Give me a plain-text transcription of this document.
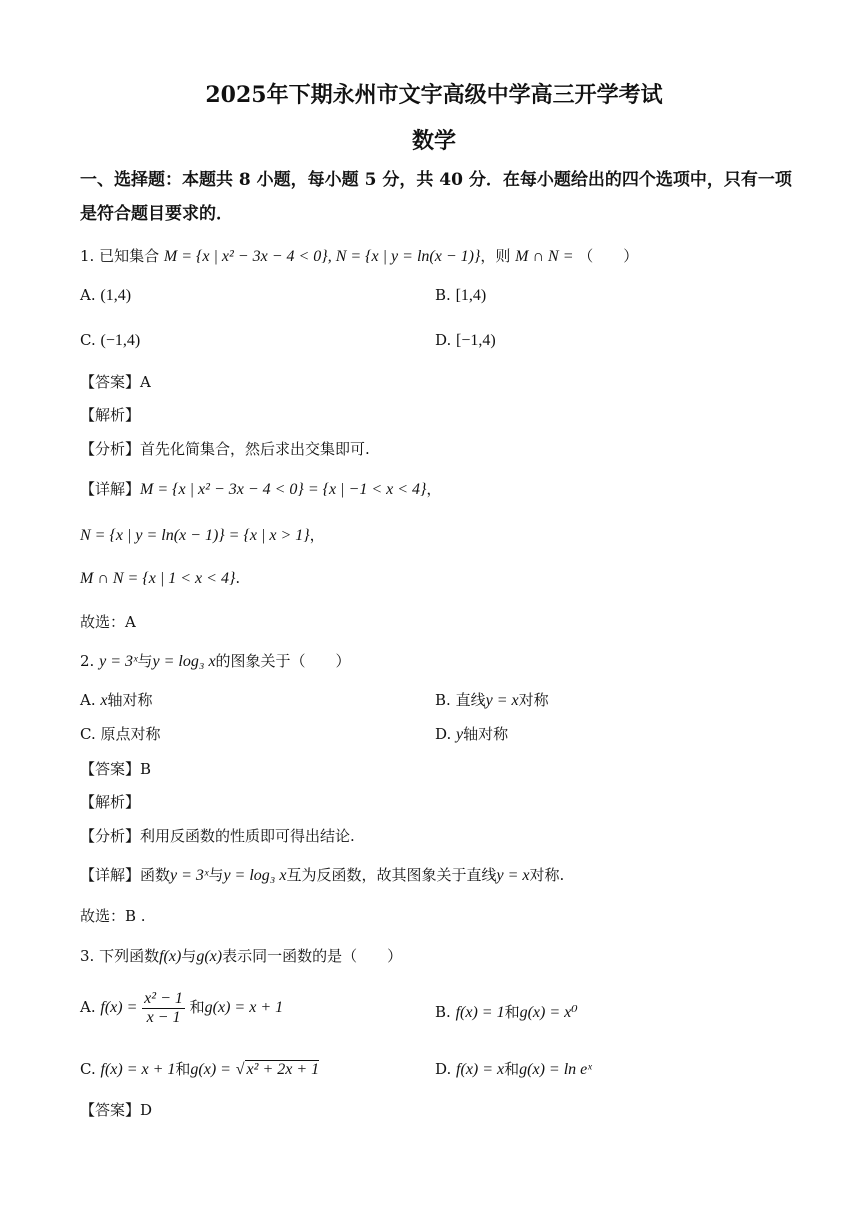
2025年下期永州市文宇高级中学高三开学考试
数学
一、选择题：本题共 8 小题，每小题 5 分，共 40 分．在每小题给出的四个选项中，只有一项
是符合题目要求的．
1. 已知集合 M = {x | x² − 3x − 4 < 0}, N = {x | y = ln(x − 1)}，则 M ∩ N = （　　）
A. (1,4)	B. [1,4)
C. (−1,4)	D. [−1,4)
【答案】A
【解析】
【分析】首先化简集合，然后求出交集即可.
【详解】M = {x | x² − 3x − 4 < 0} = {x | −1 < x < 4}，
N = {x | y = ln(x − 1)} = {x | x > 1}，
M ∩ N = {x | 1 < x < 4}.
故选：A
2. y = 3ˣ与y = log₃ x的图象关于（　　）
A. x轴对称	B. 直线y = x对称
C. 原点对称	D. y轴对称
【答案】B
【解析】
【分析】利用反函数的性质即可得出结论.
【详解】函数y = 3ˣ与y = log₃ x互为反函数，故其图象关于直线y = x对称.
故选：B .
3. 下列函数f(x)与g(x)表示同一函数的是（　　）
A. $f(x) = \frac{\text{x² − 1}}{x - 1}$ 和g(x) = x + 1	B. f(x) = 1和g(x) = x⁰
C. f(x) = x + 1和g(x) = √ x² + 2x + 1	D. f(x) = x和g(x) = ln eˣ
【答案】D
